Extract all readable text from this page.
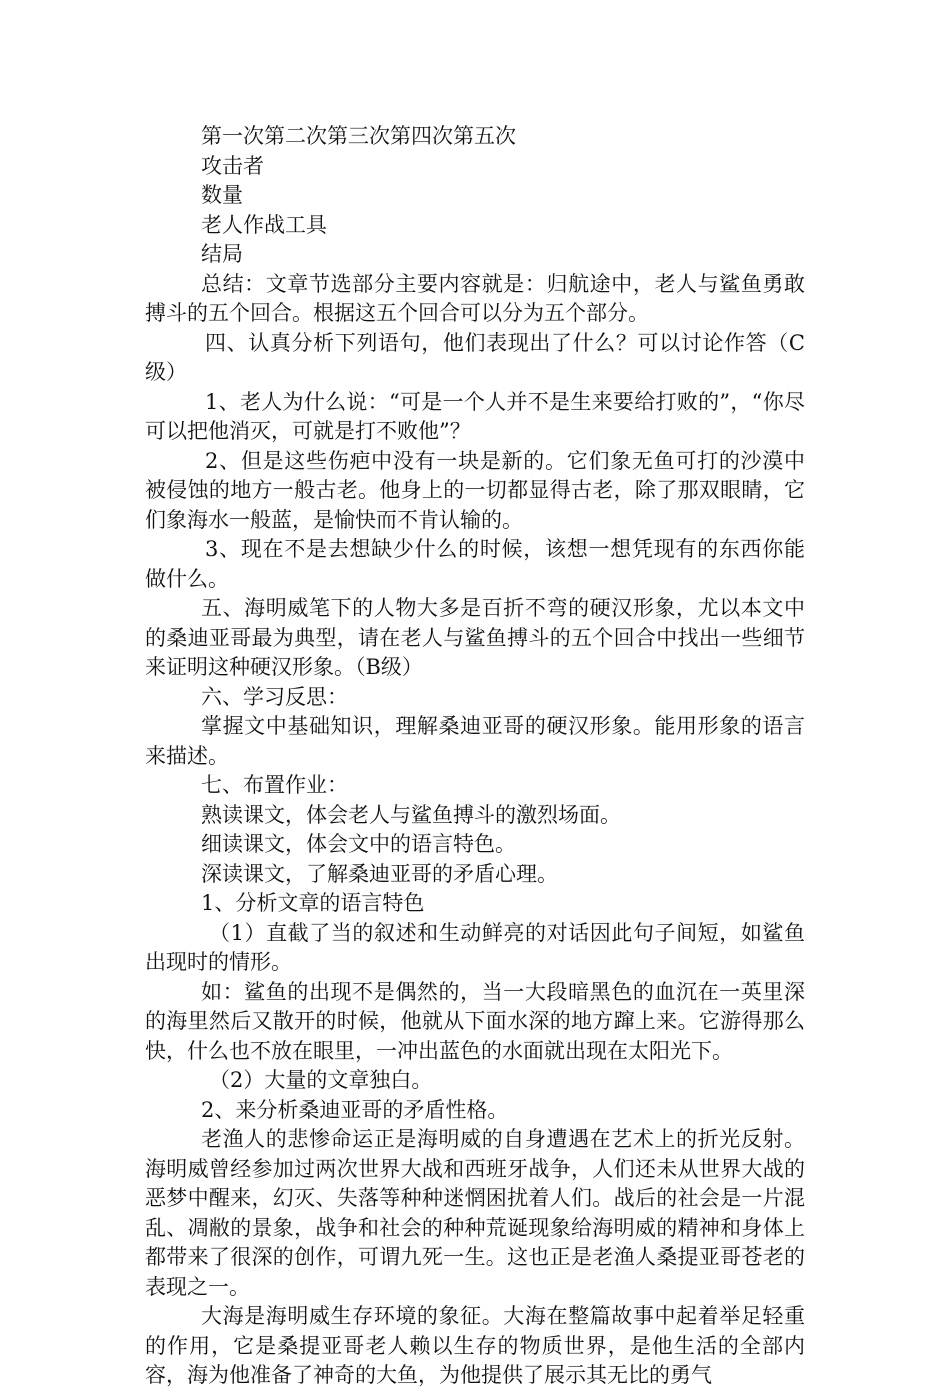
第一次第二次第三次第四次第五次

攻击者

数量

老人作战工具

结局

总结：文章节选部分主要内容就是：归航途中，老人与鲨鱼勇敢搏斗的五个回合。根据这五个回合可以分为五个部分。

四、认真分析下列语句，他们表现出了什么？可以讨论作答（C级）

1、老人为什么说：“可是一个人并不是生来要给打败的”，“你尽可以把他消灭，可就是打不败他”？

2、但是这些伤疤中没有一块是新的。它们象无鱼可打的沙漠中被侵蚀的地方一般古老。他身上的一切都显得古老，除了那双眼睛，它们象海水一般蓝，是愉快而不肯认输的。

3、现在不是去想缺少什么的时候，该想一想凭现有的东西你能做什么。

五、海明威笔下的人物大多是百折不弯的硬汉形象，尤以本文中的桑迪亚哥最为典型，请在老人与鲨鱼搏斗的五个回合中找出一些细节来证明这种硬汉形象。（B级）

六、学习反思：

掌握文中基础知识，理解桑迪亚哥的硬汉形象。能用形象的语言来描述。

七、布置作业：

熟读课文，体会老人与鲨鱼搏斗的激烈场面。

细读课文，体会文中的语言特色。

深读课文，了解桑迪亚哥的矛盾心理。

1、分析文章的语言特色

（1）直截了当的叙述和生动鲜亮的对话因此句子间短，如鲨鱼出现时的情形。

如：鲨鱼的出现不是偶然的，当一大段暗黑色的血沉在一英里深的海里然后又散开的时候，他就从下面水深的地方蹿上来。它游得那么快，什么也不放在眼里，一冲出蓝色的水面就出现在太阳光下。

（2）大量的文章独白。

2、来分析桑迪亚哥的矛盾性格。

老渔人的悲惨命运正是海明威的自身遭遇在艺术上的折光反射。海明威曾经参加过两次世界大战和西班牙战争，人们还未从世界大战的恶梦中醒来，幻灭、失落等种种迷惘困扰着人们。战后的社会是一片混乱、凋敝的景象，战争和社会的种种荒诞现象给海明威的精神和身体上都带来了很深的创作，可谓九死一生。这也正是老渔人桑提亚哥苍老的表现之一。

大海是海明威生存环境的象征。大海在整篇故事中起着举足轻重的作用，它是桑提亚哥老人赖以生存的物质世界，是他生活的全部内容，海为他准备了神奇的大鱼，为他提供了展示其无比的勇气
